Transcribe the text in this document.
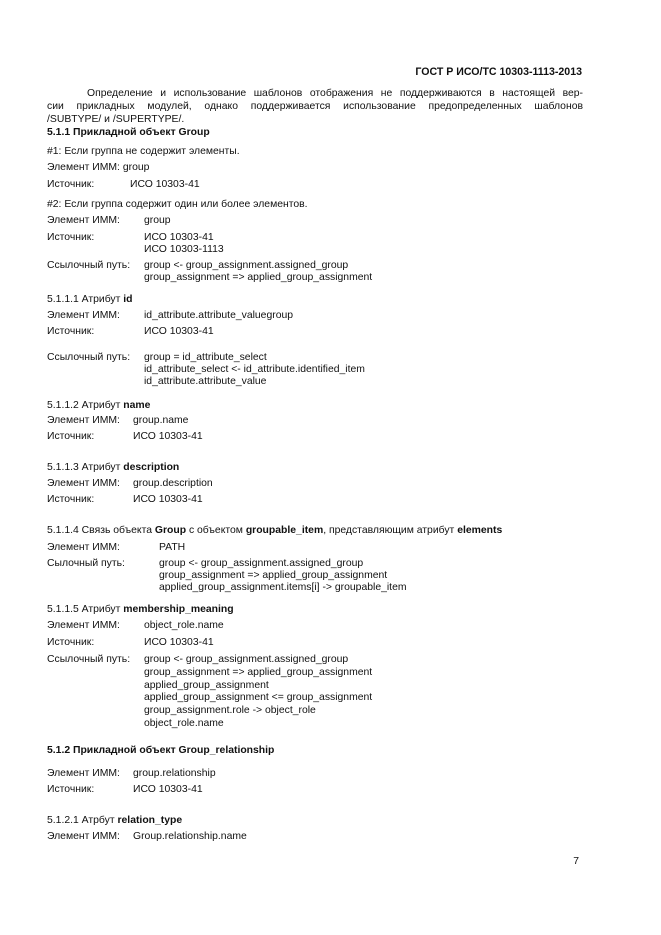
ГОСТ Р ИСО/ТС 10303-1113-2013
Определение и использование шаблонов отображения не поддерживаются в настоящей вер-
сии прикладных модулей, однако поддерживается использование предопределенных шаблонов
/SUBTYPE/ и /SUPERTYPE/.
5.1.1 Прикладной объект Group
#1: Если группа не содержит элементы.
Элемент ИММ: group
Источник:	ИСО 10303-41
#2: Если группа содержит один или более элементов.
Элемент ИММ: group
Источник:	ИСО 10303-41
ИСО 10303-1113
Ссылочный путь: group <- group_assignment.assigned_group
group_assignment => applied_group_assignment
5.1.1.1 Атрибут id
Элемент ИММ: id_attribute.attribute_valuegroup
Источник:	ИСО 10303-41
Ссылочный путь: group = id_attribute_select
id_attribute_select <- id_attribute.identified_item
id_attribute.attribute_value
5.1.1.2 Атрибут name
Элемент ИММ: group.name
Источник:	ИСО 10303-41
5.1.1.3 Атрибут description
Элемент ИММ: group.description
Источник:	ИСО 10303-41
5.1.1.4 Связь объекта Group с объектом groupable_item, представляющим атрибут elements
Элемент ИММ:	PATH
Сылочный путь:	group <- group_assignment.assigned_group
group_assignment => applied_group_assignment
applied_group_assignment.items[i] -> groupable_item
5.1.1.5 Атрибут membership_meaning
Элемент ИММ: object_role.name
Источник:	ИСО 10303-41
Ссылочный путь: group <- group_assignment.assigned_group
group_assignment => applied_group_assignment
applied_group_assignment
applied_group_assignment <= group_assignment
group_assignment.role -> object_role
object_role.name
5.1.2 Прикладной объект Group_relationship
Элемент ИММ: group.relationship
Источник:	ИСО 10303-41
5.1.2.1 Атрбут relation_type
Элемент ИММ: Group.relationship.name
7
